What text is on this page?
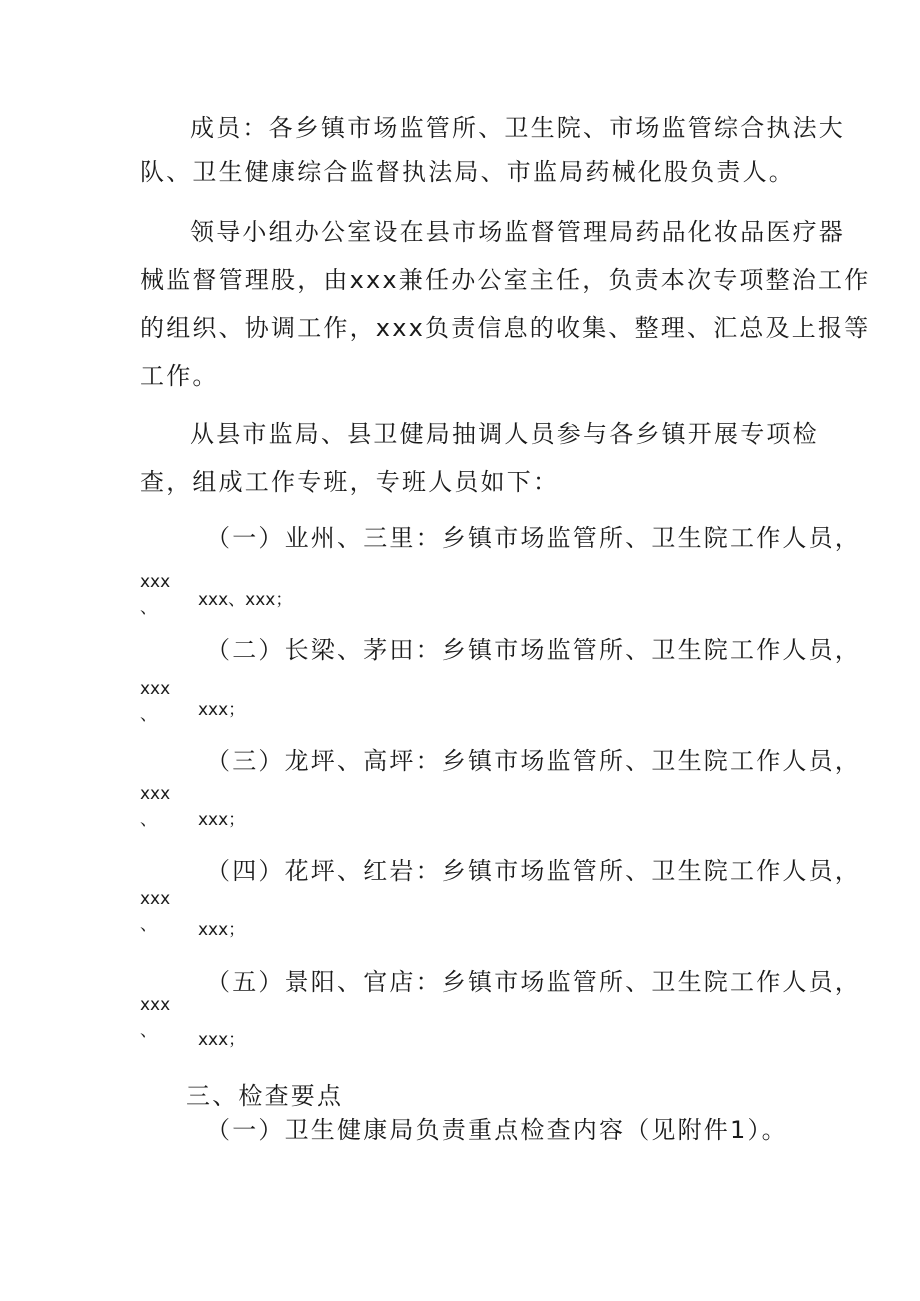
成员：各乡镇市场监管所、卫生院、市场监管综合执法大
队、卫生健康综合监督执法局、市监局药械化股负责人。
领导小组办公室设在县市场监督管理局药品化妆品医疗器
械监督管理股，由xxx兼任办公室主任，负责本次专项整治工作
的组织、协调工作，xxx负责信息的收集、整理、汇总及上报等
工作。
从县市监局、县卫健局抽调人员参与各乡镇开展专项检
查，组成工作专班，专班人员如下：
（一）业州、三里：乡镇市场监管所、卫生院工作人员，
xxx
、 xxx、xxx；
（二）长梁、茅田：乡镇市场监管所、卫生院工作人员，
xxx
、 xxx；
（三）龙坪、高坪：乡镇市场监管所、卫生院工作人员，
xxx
、 xxx；
（四）花坪、红岩：乡镇市场监管所、卫生院工作人员，
xxx
、 xxx；
（五）景阳、官店：乡镇市场监管所、卫生院工作人员，
xxx
、 xxx；
三、检查要点
（一）卫生健康局负责重点检查内容（见附件1）。
